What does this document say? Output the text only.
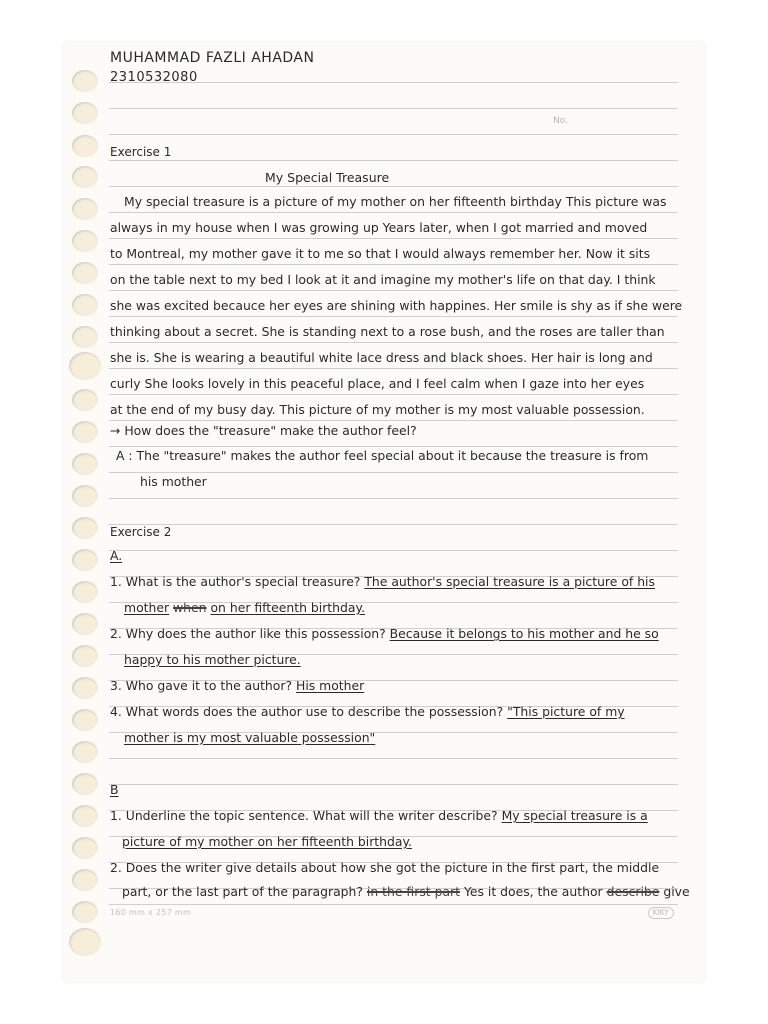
No.
MUHAMMAD FAZLI AHADAN
2310532080
Exercise 1
My Special Treasure
My special treasure is a picture of my mother on her fifteenth birthday This picture was
always in my house when I was growing up Years later, when I got married and moved
to Montreal, my mother gave it to me so that I would always remember her. Now it sits
on the table next to my bed I look at it and imagine my mother's life on that day. I think
she was excited becauce her eyes are shining with happines. Her smile is shy as if she were
thinking about a secret. She is standing next to a rose bush, and the roses are taller than
she is. She is wearing a beautiful white lace dress and black shoes. Her hair is long and
curly She looks lovely in this peaceful place, and I feel calm when I gaze into her eyes
at the end of my busy day. This picture of my mother is my most valuable possession.
→ How does the "treasure" make the author feel?
A : The "treasure" makes the author feel special about it because the treasure is from
his mother
Exercise 2
A.
1. What is the author's special treasure? The author's special treasure is a picture of his
mother when on her fifteenth birthday.
2. Why does the author like this possession? Because it belongs to his mother and he so
happy to his mother picture.
3. Who gave it to the author? His mother
4. What words does the author use to describe the possession? "This picture of my
mother is my most valuable possession"
B
1. Underline the topic sentence. What will the writer describe? My special treasure is a
picture of my mother on her fifteenth birthday.
2. Does the writer give details about how she got the picture in the first part, the middle
part, or the last part of the paragraph? in the first part Yes it does, the author describe give
160 mm x 257 mm	KIKY
